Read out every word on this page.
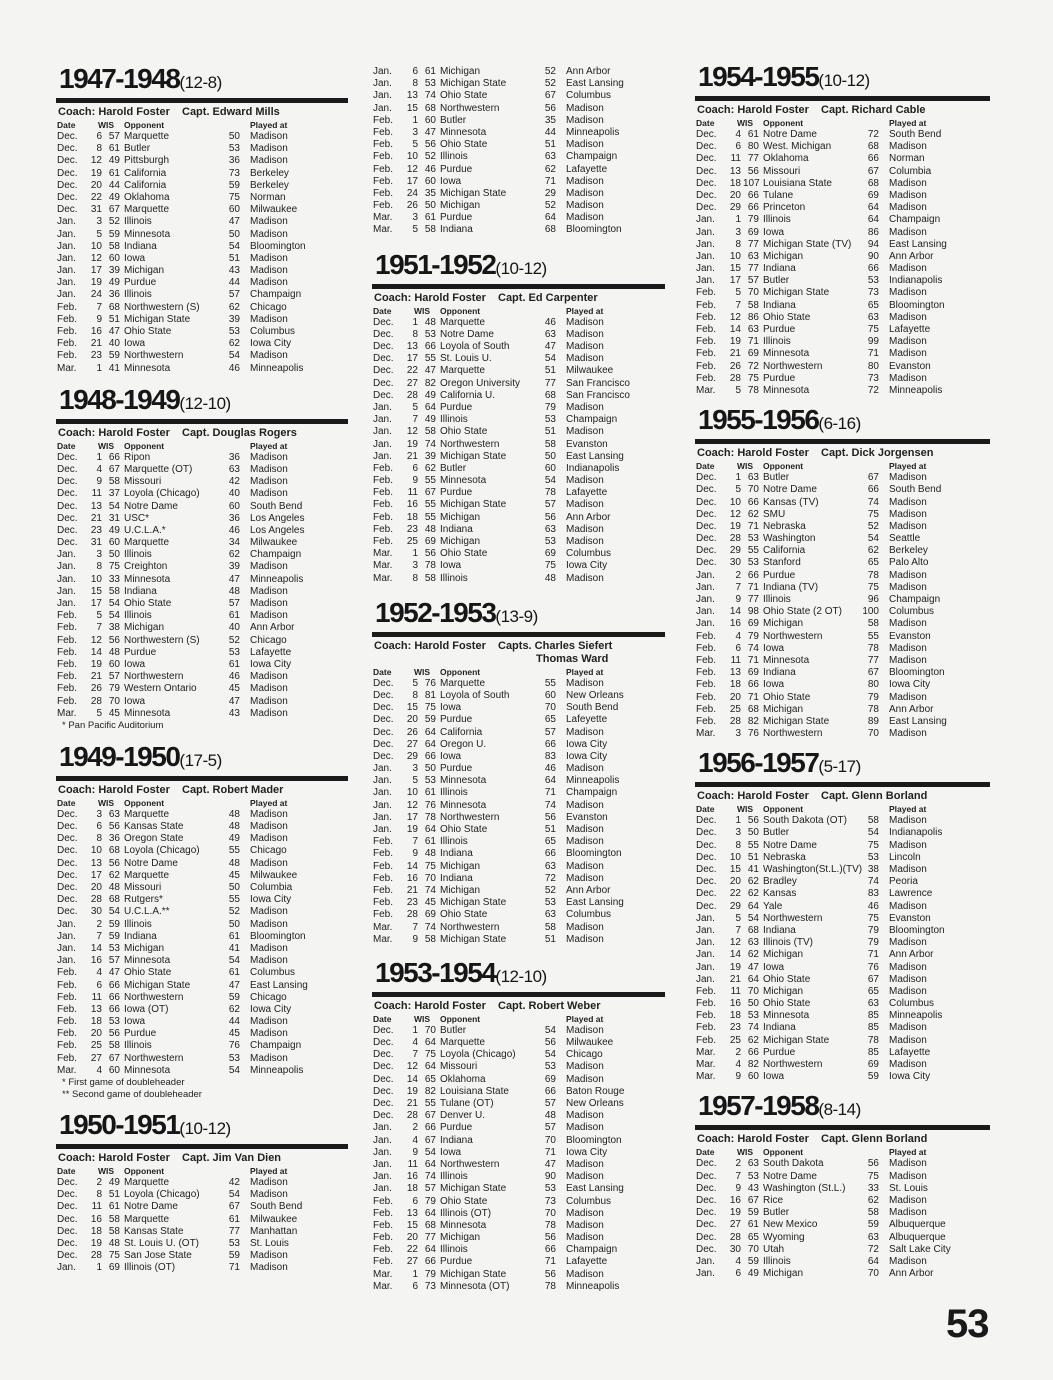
1947-1948(12-8)
Coach: Harold Foster Capt. Edward Mills
Date	WIS Opponent	Played at
Dec.	6 57 Marquette	50 Madison
Dec.	8 61 Butler	53 Madison
Dec.	12 49 Pittsburgh	36 Madison
Dec.	19 61 California	73 Berkeley
Dec.	20 44 California	59 Berkeley
Dec.	22 49 Oklahoma	75 Norman
Dec.	31 67 Marquette	60 Milwaukee
Jan.	3 52 Illinois	47 Madison
Jan.	5 59 Minnesota	50 Madison
Jan.	10 58 Indiana	54 Bloomington
Jan.	12 60 Iowa	51 Madison
Jan.	17 39 Michigan	43 Madison
Jan.	19 49 Purdue	44 Madison
Jan.	24 36 Illinois	57 Champaign
Feb.	7 68 Northwestern (S)	62 Chicago
Feb.	9 51 Michigan State	39 Madison
Feb.	16 47 Ohio State	53 Columbus
Feb.	21 40 Iowa	62 Iowa City
Feb.	23 59 Northwestern	54 Madison
Mar.	1 41 Minnesota	46 Minneapolis
1948-1949(12-10)
Coach: Harold Foster Capt. Douglas Rogers
Date	WIS Opponent	Played at
Dec.	1 66 Ripon	36 Madison
Dec.	4 67 Marquette (OT)	63 Madison
Dec.	9 58 Missouri	42 Madison
Dec.	11 37 Loyola (Chicago)	40 Madison
Dec.	13 54 Notre Dame	60 South Bend
Dec.	21 31 USC*	36 Los Angeles
Dec.	23 49 U.C.L.A.*	46 Los Angeles
Dec.	31 60 Marquette	34 Milwaukee
Jan.	3 50 Illinois	62 Champaign
Jan.	8 75 Creighton	39 Madison
Jan.	10 33 Minnesota	47 Minneapolis
Jan.	15 58 Indiana	48 Madison
Jan.	17 54 Ohio State	57 Madison
Feb.	5 54 Illinois	61 Madison
Feb.	7 38 Michigan	40 Ann Arbor
Feb.	12 56 Northwestern (S)	52 Chicago
Feb.	14 48 Purdue	53 Lafayette
Feb.	19 60 Iowa	61 Iowa City
Feb.	21 57 Northwestern	46 Madison
Feb.	26 79 Western Ontario	45 Madison
Feb.	28 70 Iowa	47 Madison
Mar.	5 45 Minnesota	43 Madison
* Pan Pacific Auditorium
1949-1950(17-5)
Coach: Harold Foster Capt. Robert Mader
Date	WIS Opponent	Played at
Dec.	3 63 Marquette	48 Madison
Dec.	6 56 Kansas State	48 Madison
Dec.	8 36 Oregon State	49 Madison
Dec.	10 68 Loyola (Chicago)	55 Chicago
Dec.	13 56 Notre Dame	48 Madison
Dec.	17 62 Marquette	45 Milwaukee
Dec.	20 48 Missouri	50 Columbia
Dec.	28 68 Rutgers*	55 Iowa City
Dec.	30 54 U.C.L.A.**	52 Madison
Jan.	2 59 Illinois	50 Madison
Jan.	7 59 Indiana	61 Bloomington
Jan.	14 53 Michigan	41 Madison
Jan.	16 57 Minnesota	54 Madison
Feb.	4 47 Ohio State	61 Columbus
Feb.	6 66 Michigan State	47 East Lansing
Feb.	11 66 Northwestern	59 Chicago
Feb.	13 66 Iowa (OT)	62 Iowa City
Feb.	18 53 Iowa	44 Madison
Feb.	20 56 Purdue	45 Madison
Feb.	25 58 Illinois	76 Champaign
Feb.	27 67 Northwestern	53 Madison
Mar.	4 60 Minnesota	54 Minneapolis
* First game of doubleheader
** Second game of doubleheader
1950-1951(10-12)
Coach: Harold Foster Capt. Jim Van Dien
Date	WIS Opponent	Played at
Dec.	2 49 Marquette	42 Madison
Dec.	8 51 Loyola (Chicago)	54 Madison
Dec.	11 61 Notre Dame	67 South Bend
Dec.	16 58 Marquette	61 Milwaukee
Dec.	18 58 Kansas State	77 Manhattan
Dec.	19 48 St. Louis U. (OT)	53 St. Louis
Dec.	28 75 San Jose State	59 Madison
Jan.	1 69 Illinois (OT)	71 Madison
Jan.	6 61 Michigan	52 Ann Arbor
Jan.	8 53 Michigan State	52 East Lansing
Jan.	13 74 Ohio State	67 Columbus
Jan.	15 68 Northwestern	56 Madison
Feb.	1 60 Butler	35 Madison
Feb.	3 47 Minnesota	44 Minneapolis
Feb.	5 56 Ohio State	51 Madison
Feb.	10 52 Illinois	63 Champaign
Feb.	12 46 Purdue	62 Lafayette
Feb.	17 60 Iowa	71 Madison
Feb.	24 35 Michigan State	29 Madison
Feb.	26 50 Michigan	52 Madison
Mar.	3 61 Purdue	64 Madison
Mar.	5 58 Indiana	68 Bloomington
1951-1952(10-12)
Coach: Harold Foster Capt. Ed Carpenter
Date	WIS Opponent	Played at
Dec.	1 48 Marquette	46 Madison
Dec.	8 53 Notre Dame	63 Madison
Dec.	13 66 Loyola of South	47 Madison
Dec.	17 55 St. Louis U.	54 Madison
Dec.	22 47 Marquette	51 Milwaukee
Dec.	27 82 Oregon University	77 San Francisco
Dec.	28 49 California U.	68 San Francisco
Jan.	5 64 Purdue	79 Madison
Jan.	7 49 Illinois	53 Champaign
Jan.	12 58 Ohio State	51 Madison
Jan.	19 74 Northwestern	58 Evanston
Jan.	21 39 Michigan State	50 East Lansing
Feb.	6 62 Butler	60 Indianapolis
Feb.	9 55 Minnesota	54 Madison
Feb.	11 67 Purdue	78 Lafayette
Feb.	16 55 Michigan State	57 Madison
Feb.	18 55 Michigan	56 Ann Arbor
Feb.	23 48 Indiana	63 Madison
Feb.	25 69 Michigan	53 Madison
Mar.	1 56 Ohio State	69 Columbus
Mar.	3 78 Iowa	75 Iowa City
Mar.	8 58 Illinois	48 Madison
1952-1953(13-9)
Coach: Harold Foster Capts. Charles Siefert
Thomas Ward
Date	WIS Opponent	Played at
Dec.	5 76 Marquette	55 Madison
Dec.	8 81 Loyola of South	60 New Orleans
Dec.	15 75 Iowa	70 South Bend
Dec.	20 59 Purdue	65 Lafeyette
Dec.	26 64 California	57 Madison
Dec.	27 64 Oregon U.	66 Iowa City
Dec.	29 66 Iowa	83 Iowa City
Jan.	3 50 Purdue	46 Madison
Jan.	5 53 Minnesota	64 Minneapolis
Jan.	10 61 Illinois	71 Champaign
Jan.	12 76 Minnesota	74 Madison
Jan.	17 78 Northwestern	56 Evanston
Jan.	19 64 Ohio State	51 Madison
Feb.	7 61 Illinois	65 Madison
Feb.	9 48 Indiana	66 Bloomington
Feb.	14 75 Michigan	63 Madison
Feb.	16 70 Indiana	72 Madison
Feb.	21 74 Michigan	52 Ann Arbor
Feb.	23 45 Michigan State	53 East Lansing
Feb.	28 69 Ohio State	63 Columbus
Mar.	7 74 Northwestern	58 Madison
Mar.	9 58 Michigan State	51 Madison
1953-1954(12-10)
Coach: Harold Foster Capt. Robert Weber
Date	WIS Opponent	Played at
Dec.	1 70 Butler	54 Madison
Dec.	4 64 Marquette	56 Milwaukee
Dec.	7 75 Loyola (Chicago)	54 Chicago
Dec.	12 64 Missouri	53 Madison
Dec.	14 65 Oklahoma	69 Madison
Dec.	19 82 Louisiana State	66 Baton Rouge
Dec.	21 55 Tulane (OT)	57 New Orleans
Dec.	28 67 Denver U.	48 Madison
Jan.	2 66 Purdue	57 Madison
Jan.	4 67 Indiana	70 Bloomington
Jan.	9 54 Iowa	71 Iowa City
Jan.	11 64 Northwestern	47 Madison
Jan.	16 74 Illinois	90 Madison
Jan.	18 57 Michigan State	53 East Lansing
Feb.	6 79 Ohio State	73 Columbus
Feb.	13 64 Illinois (OT)	70 Madison
Feb.	15 68 Minnesota	78 Madison
Feb.	20 77 Michigan	56 Madison
Feb.	22 64 Illinois	66 Champaign
Feb.	27 66 Purdue	71 Lafayette
Mar.	1 79 Michigan State	56 Madison
Mar.	6 73 Minnesota (OT)	78 Minneapolis
1954-1955(10-12)
Coach: Harold Foster Capt. Richard Cable
Date	WIS Opponent	Played at
Dec.	4 61 Notre Dame	72 South Bend
Dec.	6 80 West. Michigan	68 Madison
Dec.	11 77 Oklahoma	66 Norman
Dec.	13 56 Missouri	67 Columbia
Dec.	18 107 Louisiana State	68 Madison
Dec.	20 66 Tulane	69 Madison
Dec.	29 66 Princeton	64 Madison
Jan.	1 79 Illinois	64 Champaign
Jan.	3 69 Iowa	86 Madison
Jan.	8 77 Michigan State (TV)	94 East Lansing
Jan.	10 63 Michigan	90 Ann Arbor
Jan.	15 77 Indiana	66 Madison
Jan.	17 57 Butler	53 Indianapolis
Feb.	5 70 Michigan State	73 Madison
Feb.	7 58 Indiana	65 Bloomington
Feb.	12 86 Ohio State	63 Madison
Feb.	14 63 Purdue	75 Lafayette
Feb.	19 71 Illinois	99 Madison
Feb.	21 69 Minnesota	71 Madison
Feb.	26 72 Northwestern	80 Evanston
Feb.	28 75 Purdue	73 Madison
Mar.	5 78 Minnesota	72 Minneapolis
1955-1956(6-16)
Coach: Harold Foster Capt. Dick Jorgensen
Date	WIS Opponent	Played at
Dec.	1 63 Butler	67 Madison
Dec.	5 70 Notre Dame	66 South Bend
Dec.	10 66 Kansas (TV)	74 Madison
Dec.	12 62 SMU	75 Madison
Dec.	19 71 Nebraska	52 Madison
Dec.	28 53 Washington	54 Seattle
Dec.	29 55 California	62 Berkeley
Dec.	30 53 Stanford	65 Palo Alto
Jan.	2 66 Purdue	78 Madison
Jan.	7 71 Indiana (TV)	75 Madison
Jan.	9 77 Illinois	96 Champaign
Jan.	14 98 Ohio State (2 OT) 100 Columbus
Jan.	16 69 Michigan	58 Madison
Feb.	4 79 Northwestern	55 Evanston
Feb.	6 74 Iowa	78 Madison
Feb.	11 71 Minnesota	77 Madison
Feb.	13 69 Indiana	67 Bloomington
Feb.	18 66 Iowa	80 Iowa City
Feb.	20 71 Ohio State	79 Madison
Feb.	25 68 Michigan	78 Ann Arbor
Feb.	28 82 Michigan State	89 East Lansing
Mar.	3 76 Northwestern	70 Madison
1956-1957(5-17)
Coach: Harold Foster Capt. Glenn Borland
Date	WIS Opponent	Played at
Dec.	1 56 South Dakota (OT)	58 Madison
Dec.	3 50 Butler	54 Indianapolis
Dec.	8 55 Notre Dame	75 Madison
Dec.	10 51 Nebraska	53 Lincoln
Dec.	15 41 Washington(St.L.)(TV) 38 Madison
Dec.	20 62 Bradley	74 Peoria
Dec.	22 62 Kansas	83 Lawrence
Dec.	29 64 Yale	46 Madison
Jan.	5 54 Northwestern	75 Evanston
Jan.	7 68 Indiana	79 Bloomington
Jan.	12 63 Illinois (TV)	79 Madison
Jan.	14 62 Michigan	71 Ann Arbor
Jan.	19 47 Iowa	76 Madison
Jan.	21 64 Ohio State	67 Madison
Feb.	11 70 Michigan	65 Madison
Feb.	16 50 Ohio State	63 Columbus
Feb.	18 53 Minnesota	85 Minneapolis
Feb.	23 74 Indiana	85 Madison
Feb.	25 62 Michigan State	78 Madison
Mar.	2 66 Purdue	85 Lafayette
Mar.	4 82 Northwestern	69 Madison
Mar.	9 60 Iowa	59 Iowa City
1957-1958(8-14)
Coach: Harold Foster Capt. Glenn Borland
Date	WIS Opponent	Played at
Dec.	2 63 South Dakota	56 Madison
Dec.	7 53 Notre Dame	75 Madison
Dec.	9 43 Washington (St.L.)	33 St. Louis
Dec.	16 67 Rice	62 Madison
Dec.	19 59 Butler	58 Madison
Dec.	27 61 New Mexico	59 Albuquerque
Dec.	28 65 Wyoming	63 Albuquerque
Dec.	30 70 Utah	72 Salt Lake City
Jan.	4 59 Illinois	64 Madison
Jan.	6 49 Michigan	70 Ann Arbor
53
